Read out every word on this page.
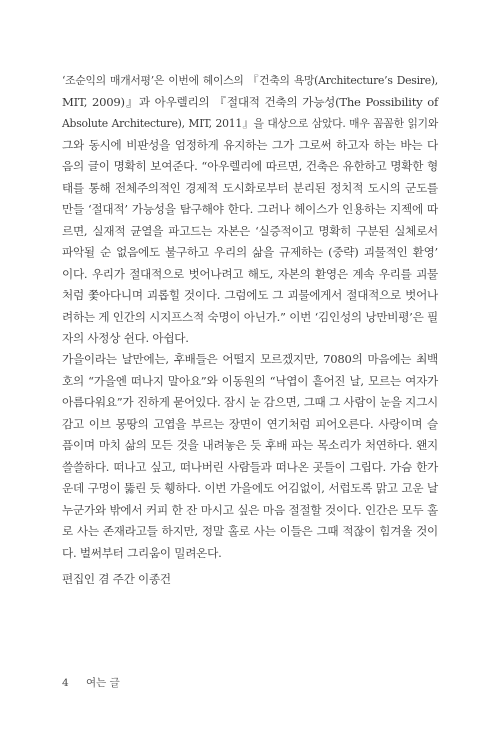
‘조순익의 매개서평’은 이번에 헤이스의 『건축의 욕망(Architecture’s Desire),
MIT, 2009)』과 아우렐리의 『절대적 건축의 가능성(The Possibility of
Absolute Architecture), MIT, 2011』을 대상으로 삼았다. 매우 꼼꼼한 읽기와
그와 동시에 비판성을 엄정하게 유지하는 그가 그로써 하고자 하는 바는 다
음의 글이 명확히 보여준다. “아우렐리에 따르면, 건축은 유한하고 명확한 형
태를 통해 전체주의적인 경제적 도시화로부터 분리된 정치적 도시의 군도를
만들 ‘절대적’ 가능성을 탐구해야 한다. 그러나 헤이스가 인용하는 지젝에 따
르면, 실재적 균열을 파고드는 자본은 ‘실증적이고 명확히 구분된 실체로서
파악될 순 없음에도 불구하고 우리의 삶을 규제하는 (중략) 괴물적인 환영’
이다. 우리가 절대적으로 벗어나려고 해도, 자본의 환영은 계속 우리를 괴물
처럼 쫓아다니며 괴롭힐 것이다. 그럼에도 그 괴물에게서 절대적으로 벗어나
려하는 게 인간의 시지프스적 숙명이 아닌가.” 이번 ‘김인성의 낭만비평’은 필
자의 사정상 쉰다. 아쉽다.
가을이라는 날만에는, 후배들은 어떨지 모르겠지만, 7080의 마음에는 최백
호의 “가을엔 떠나지 말아요”와 이동원의 “낙엽이 흩어진 날, 모르는 여자가
아름다워요”가 진하게 묻어있다. 잠시 눈 감으면, 그때 그 사람이 눈을 지그시
감고 이브 몽땅의 고엽을 부르는 장면이 연기처럼 피어오른다. 사랑이며 슬
픔이며 마치 삶의 모든 것을 내려놓은 듯 후배 파는 목소리가 처연하다. 왠지
쓸쓸하다. 떠나고 싶고, 떠나버린 사람들과 떠나온 곳들이 그립다. 가슴 한가
운데 구멍이 뚫린 듯 휑하다. 이번 가을에도 어김없이, 서럽도록 맑고 고운 날
누군가와 밖에서 커피 한 잔 마시고 싶은 마음 절절할 것이다. 인간은 모두 홀
로 사는 존재라고들 하지만, 정말 홀로 사는 이들은 그때 적잖이 힘겨울 것이
다. 벌써부터 그리움이 밀려온다.
편집인 겸 주간 이종건
4 여는 글
